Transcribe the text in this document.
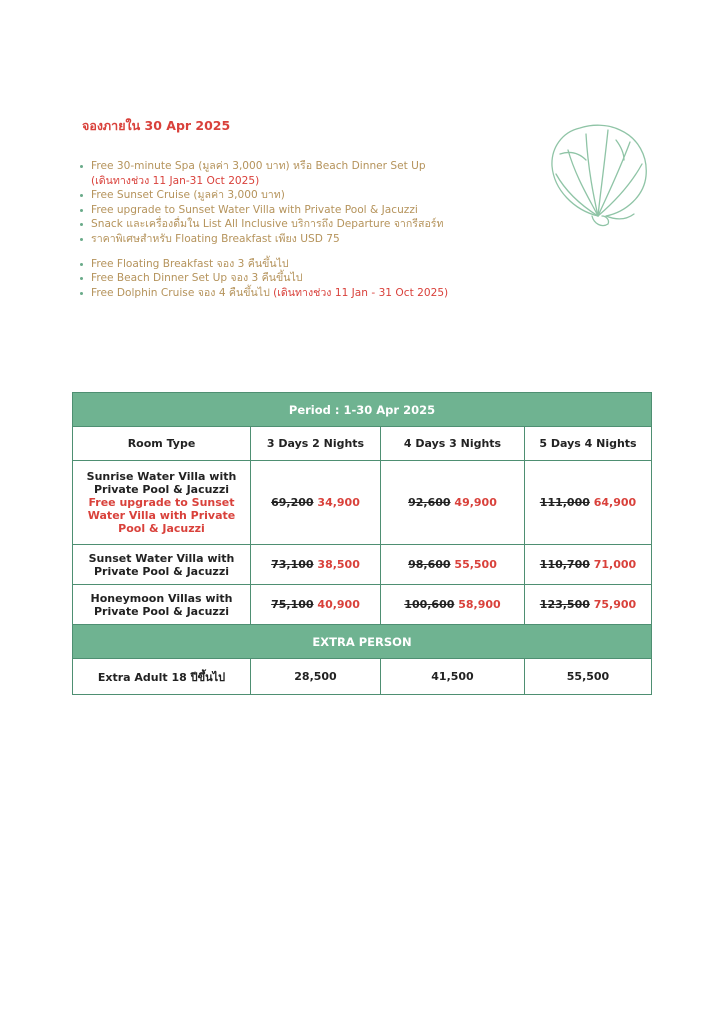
จองภายใน 30 Apr 2025
Free 30-minute Spa (มูลค่า 3,000 บาท) หรือ Beach Dinner Set Up
(เดินทางช่วง 11 Jan-31 Oct 2025)
Free Sunset Cruise (มูลค่า 3,000 บาท)
Free upgrade to Sunset Water Villa with Private Pool & Jacuzzi
Snack และเครื่องดื่มใน List All Inclusive บริการถึง Departure จากรีสอร์ท
ราคาพิเศษสำหรับ Floating Breakfast เพียง USD 75
Free Floating Breakfast จอง 3 คืนขึ้นไป
Free Beach Dinner Set Up จอง 3 คืนขึ้นไป
Free Dolphin Cruise จอง 4 คืนขึ้นไป (เดินทางช่วง 11 Jan - 31 Oct 2025)
Period : 1-30 Apr 2025			
Room Type	3 Days 2 Nights	4 Days 3 Nights	5 Days 4 Nights
Sunrise Water Villa with Private Pool & Jacuzzi
Free upgrade to Sunset Water Villa with Private Pool & Jacuzzi	69,200 34,900	92,600 49,900	111,000 64,900
Sunset Water Villa with Private Pool & Jacuzzi	73,100 38,500	98,600 55,500	110,700 71,000
Honeymoon Villas with Private Pool & Jacuzzi	75,100 40,900	100,600 58,900	123,500 75,900
EXTRA PERSON			
Extra Adult 18 ปีขึ้นไป	28,500	41,500	55,500
